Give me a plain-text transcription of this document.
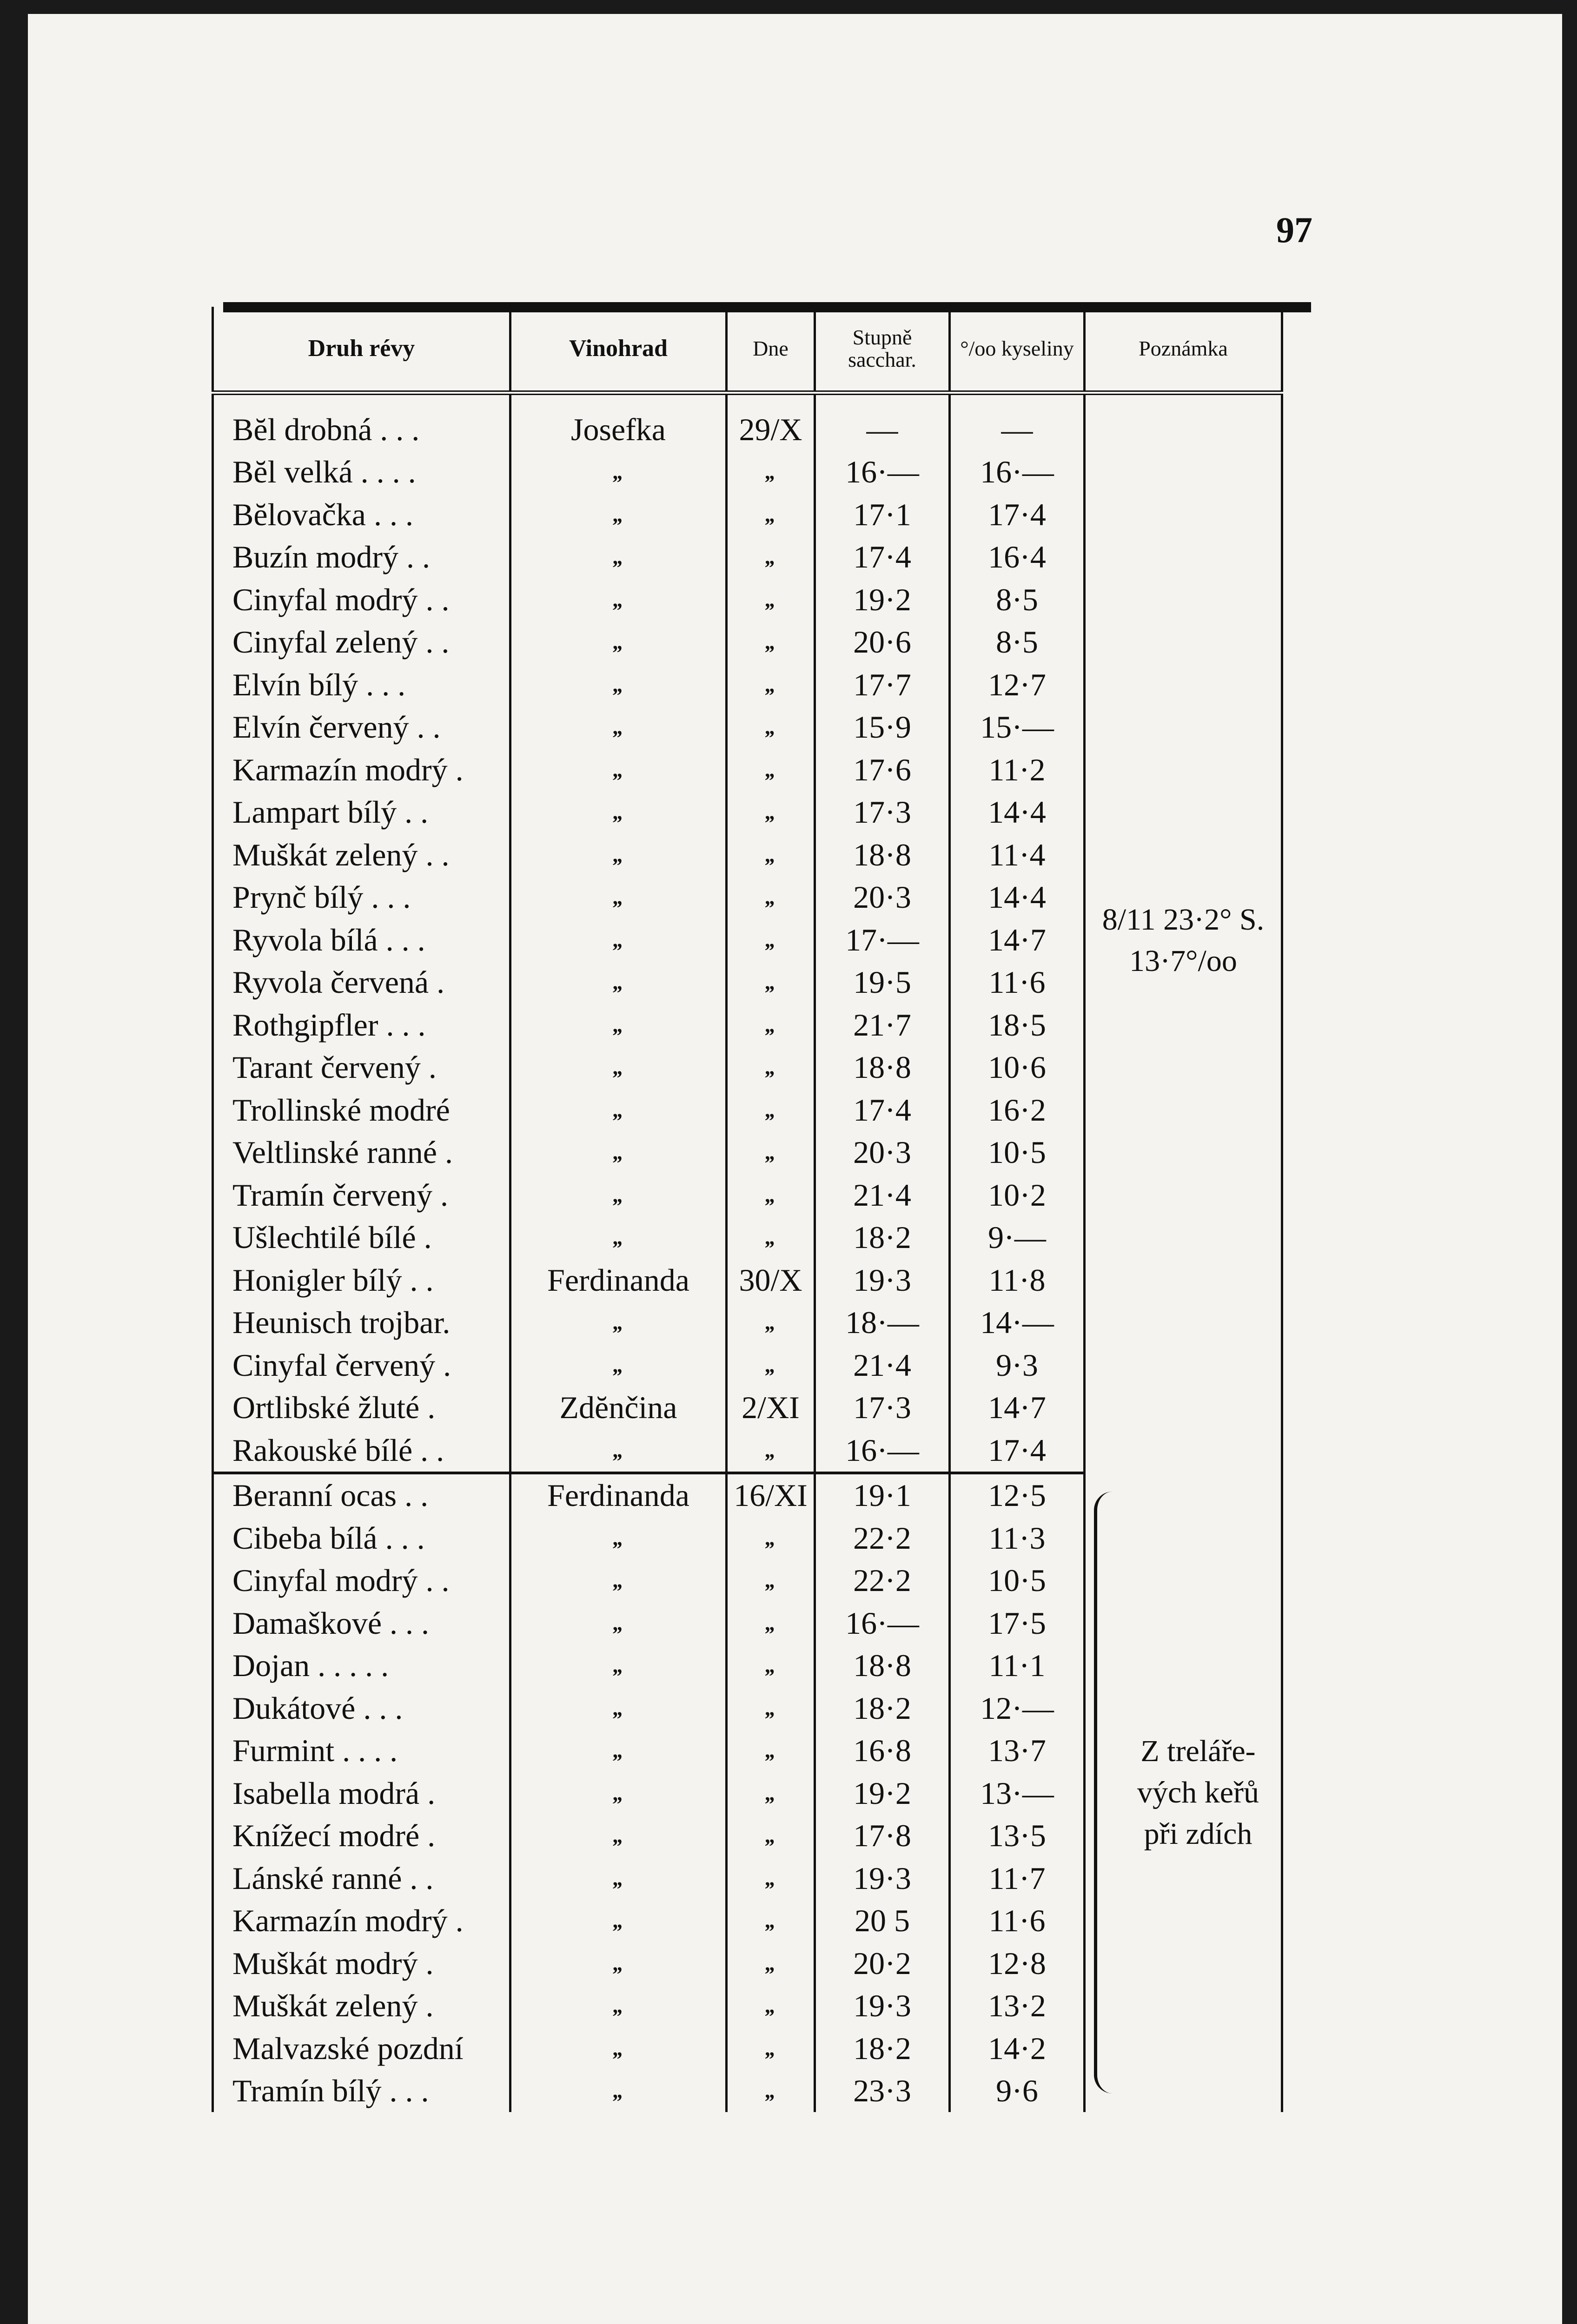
97
Druh révy	Vinohrad	Dne	Stupně sacchar.	°/oo kyseliny	Poznámka

Bĕl drobná . . .	Josefka	29/X	—	—	8/11 23·2° S.
13·7°/oo

Bĕl velká . . . .	„	„	16·—	16·—	
Bĕlovačka . . .	„	„	17·1	17·4	
Buzín modrý . .	„	„	17·4	16·4	
Cinyfal modrý . .	„	„	19·2	8·5	
Cinyfal zelený . .	„	„	20·6	8·5	
Elvín bílý . . .	„	„	17·7	12·7	
Elvín červený . .	„	„	15·9	15·—	
Karmazín modrý .	„	„	17·6	11·2	
Lampart bílý . .	„	„	17·3	14·4	
Muškát zelený . .	„	„	18·8	11·4	
Prynč bílý . . .	„	„	20·3	14·4	
Ryvola bílá . . .	„	„	17·—	14·7	
Ryvola červená .	„	„	19·5	11·6	
Rothgipfler . . .	„	„	21·7	18·5	
Tarant červený .	„	„	18·8	10·6	
Trollinské modré	„	„	17·4	16·2	
Veltlinské ranné .	„	„	20·3	10·5	
Tramín červený .	„	„	21·4	10·2	
Ušlechtilé bílé .	„	„	18·2	9·—	
Honigler bílý . .	Ferdinanda	30/X	19·3	11·8	
Heunisch trojbar.	„	„	18·—	14·—	
Cinyfal červený .	„	„	21·4	9·3	
Ortlibské žluté .	Zdĕnčina	2/XI	17·3	14·7	
Rakouské bílé . .	„	„	16·—	17·4	
Beranní ocas . .	Ferdinanda	16/XI	19·1	12·5	Z treláře-
vých keřů
při zdích

Cibeba bílá . . .	„	„	22·2	11·3	
Cinyfal modrý . .	„	„	22·2	10·5	
Damaškové . . .	„	„	16·—	17·5	
Dojan . . . . .	„	„	18·8	11·1	
Dukátové . . .	„	„	18·2	12·—	
Furmint . . . .	„	„	16·8	13·7	
Isabella modrá .	„	„	19·2	13·—	
Knížecí modré .	„	„	17·8	13·5	
Lánské ranné . .	„	„	19·3	11·7	
Karmazín modrý .	„	„	20 5	11·6	
Muškát modrý .	„	„	20·2	12·8	
Muškát zelený .	„	„	19·3	13·2	
Malvazské pozdní	„	„	18·2	14·2	
Tramín bílý . . .	„	„	23·3	9·6	
